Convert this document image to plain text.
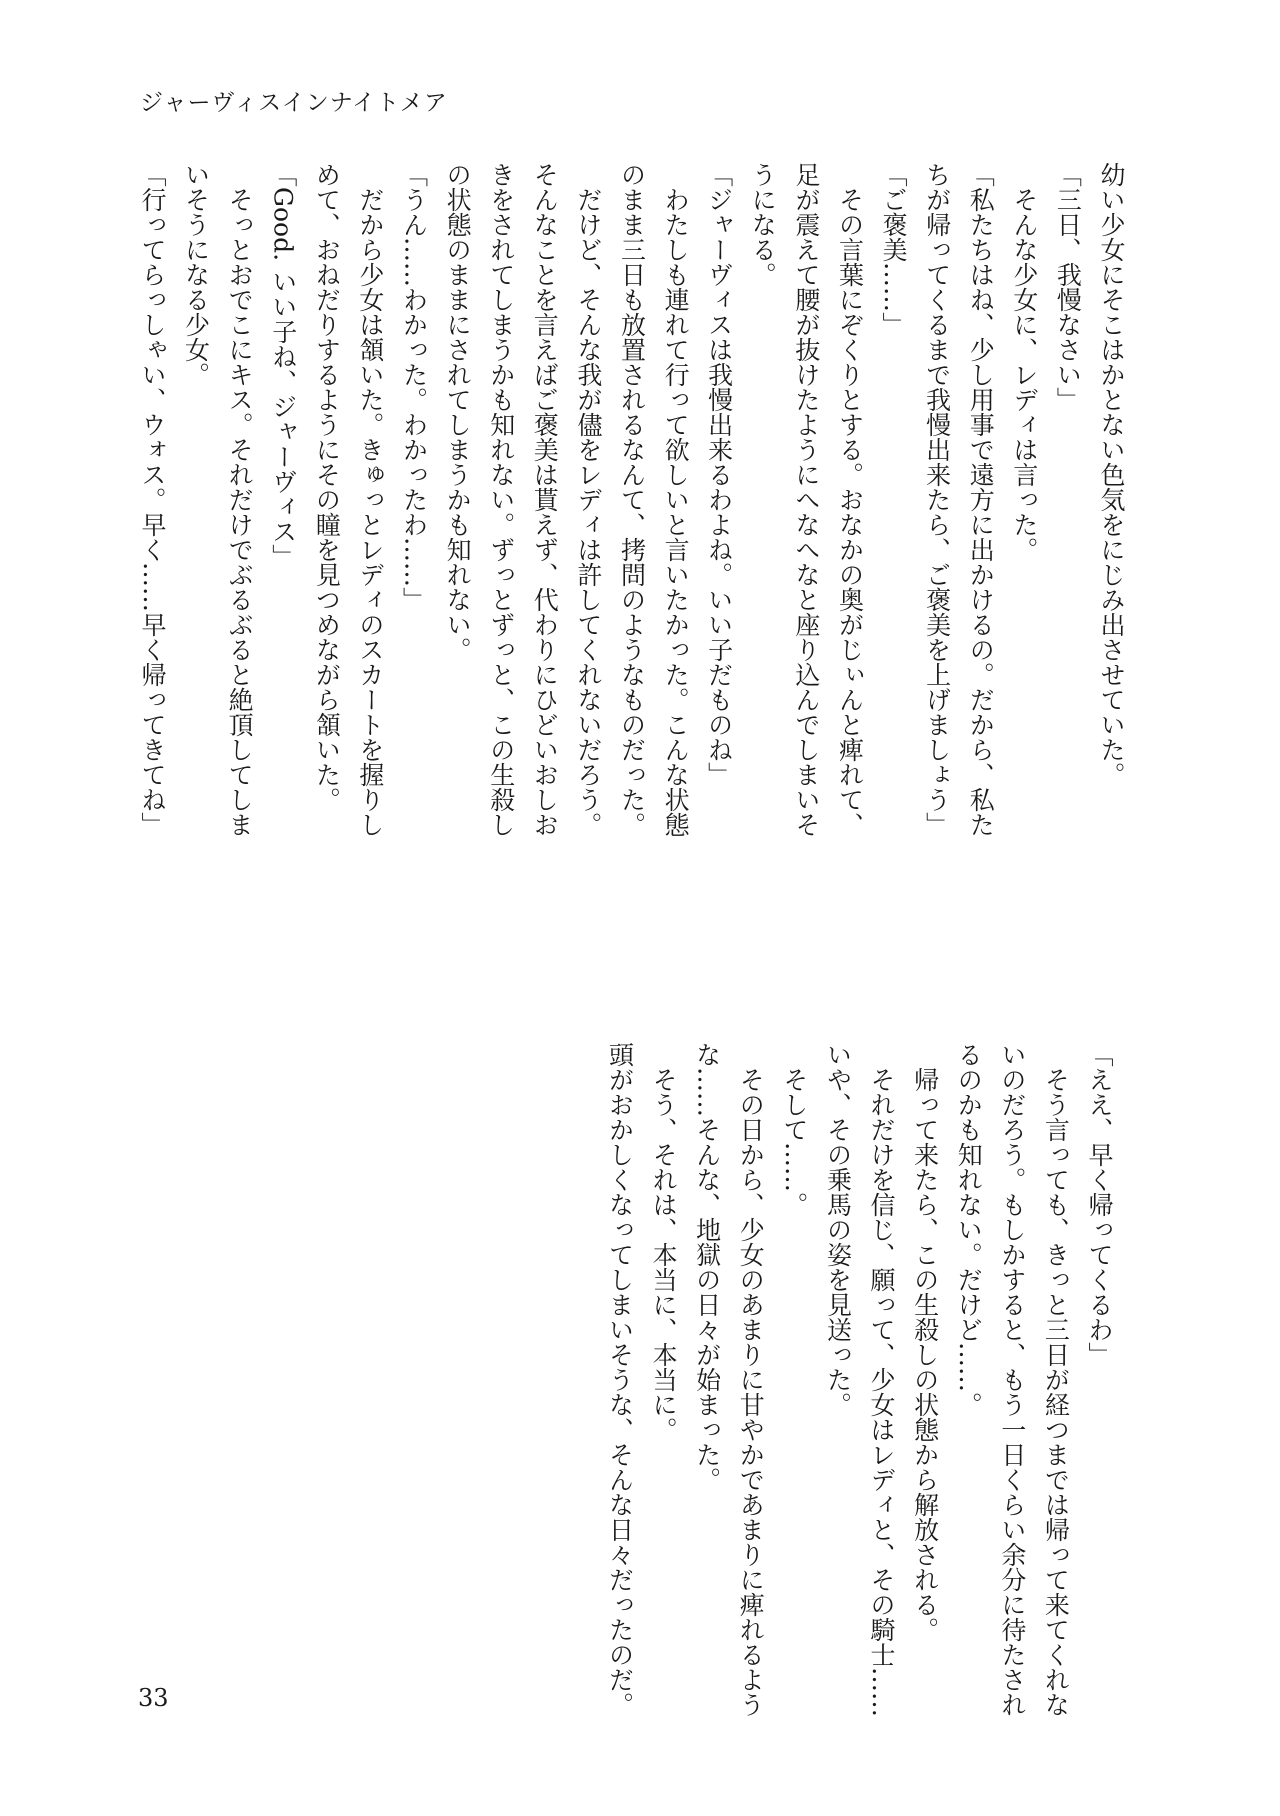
ジャーヴィスインナイトメア
幼い少女にそこはかとない色気をにじみ出させていた。
「三日、我慢なさい」
　そんな少女に、レディは言った。
「私たちはね、少し用事で遠方に出かけるの。だから、私た
ちが帰ってくるまで我慢出来たら、ご褒美を上げましょう」
「ご褒美……」
　その言葉にぞくりとする。おなかの奥がじぃんと痺れて、
足が震えて腰が抜けたようにへなへなと座り込んでしまいそ
うになる。
「ジャーヴィスは我慢出来るわよね。いい子だものね」
　わたしも連れて行って欲しいと言いたかった。こんな状態
のまま三日も放置されるなんて、拷問のようなものだった。
　だけど、そんな我が儘をレディは許してくれないだろう。
そんなことを言えばご褒美は貰えず、代わりにひどいおしお
きをされてしまうかも知れない。ずっとずっと、この生殺し
の状態のままにされてしまうかも知れない。
「うん……わかった。わかったわ……」
　だから少女は頷いた。きゅっとレディのスカートを握りし
めて、おねだりするようにその瞳を見つめながら頷いた。
「Good. いい子ね、ジャーヴィス」
　そっとおでこにキス。それだけでぶるぶると絶頂してしま
いそうになる少女。
「行ってらっしゃい、ウォス。早く……早く帰ってきてね」
「ええ、早く帰ってくるわ」
　そう言っても、きっと三日が経つまでは帰って来てくれな
いのだろう。もしかすると、もう一日くらい余分に待たされ
るのかも知れない。だけど……。
　帰って来たら、この生殺しの状態から解放される。
　それだけを信じ、願って、少女はレディと、その騎士……
いや、その乗馬の姿を見送った。
　そして……。
　その日から、少女のあまりに甘やかであまりに痺れるよう
な……そんな、地獄の日々が始まった。
　そう、それは、本当に、本当に。
頭がおかしくなってしまいそうな、そんな日々だったのだ。
33
